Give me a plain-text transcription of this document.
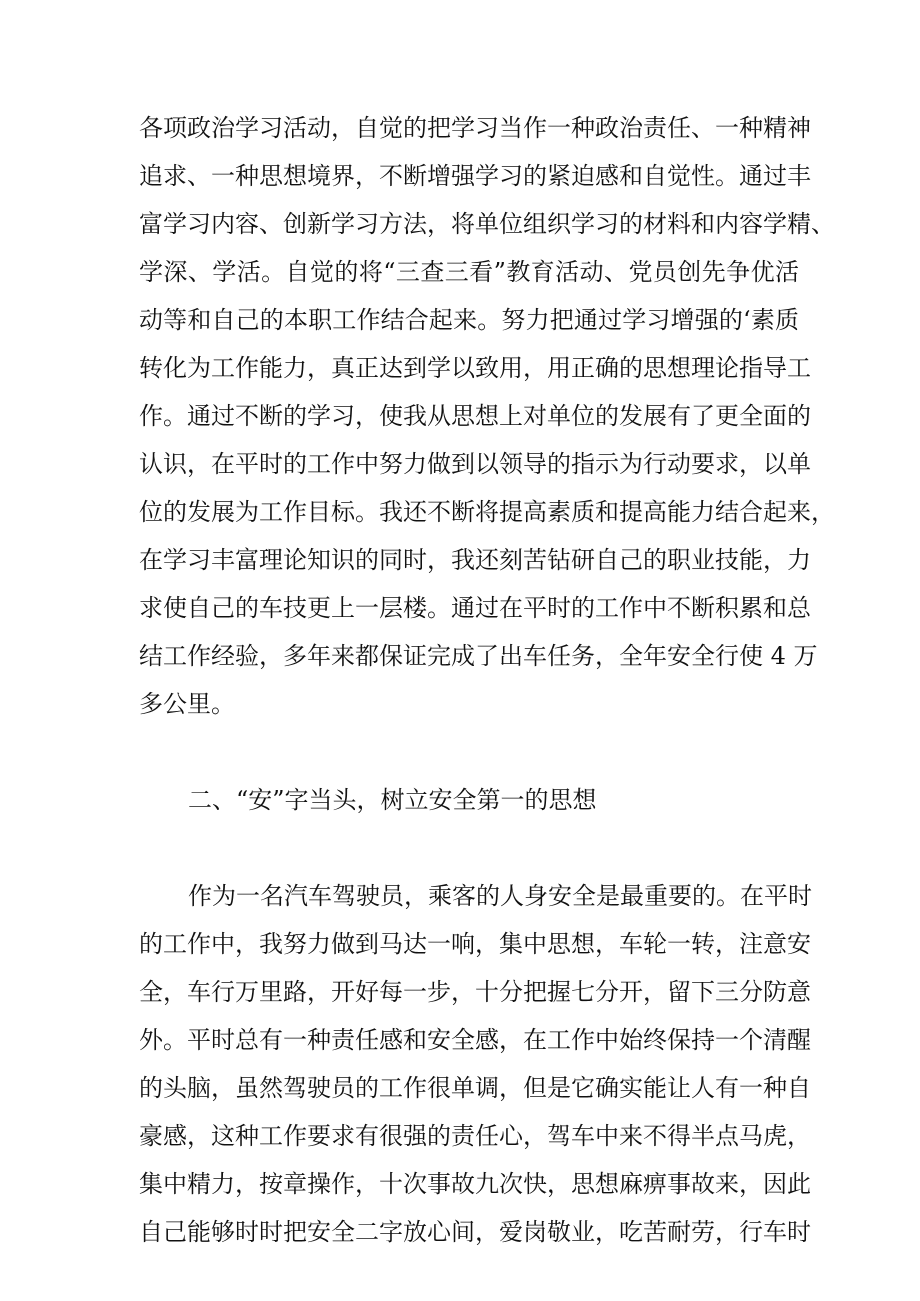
各项政治学习活动，自觉的把学习当作一种政治责任、一种精神

追求、一种思想境界，不断增强学习的紧迫感和自觉性。通过丰

富学习内容、创新学习方法，将单位组织学习的材料和内容学精、

学深、学活。自觉的将“三查三看”教育活动、党员创先争优活

动等和自己的本职工作结合起来。努力把通过学习增强的‘素质

转化为工作能力，真正达到学以致用，用正确的思想理论指导工

作。通过不断的学习，使我从思想上对单位的发展有了更全面的

认识，在平时的工作中努力做到以领导的指示为行动要求，以单

位的发展为工作目标。我还不断将提高素质和提高能力结合起来，

在学习丰富理论知识的同时，我还刻苦钻研自己的职业技能，力

求使自己的车技更上一层楼。通过在平时的工作中不断积累和总

结工作经验，多年来都保证完成了出车任务，全年安全行使 4 万

多公里。

二、“安”字当头，树立安全第一的思想

作为一名汽车驾驶员，乘客的人身安全是最重要的。在平时

的工作中，我努力做到马达一响，集中思想，车轮一转，注意安

全，车行万里路，开好每一步，十分把握七分开，留下三分防意

外。平时总有一种责任感和安全感，在工作中始终保持一个清醒

的头脑，虽然驾驶员的工作很单调，但是它确实能让人有一种自

豪感，这种工作要求有很强的责任心，驾车中来不得半点马虎，

集中精力，按章操作，十次事故九次快，思想麻痹事故来，因此

自己能够时时把安全二字放心间，爱岗敬业，吃苦耐劳，行车时
